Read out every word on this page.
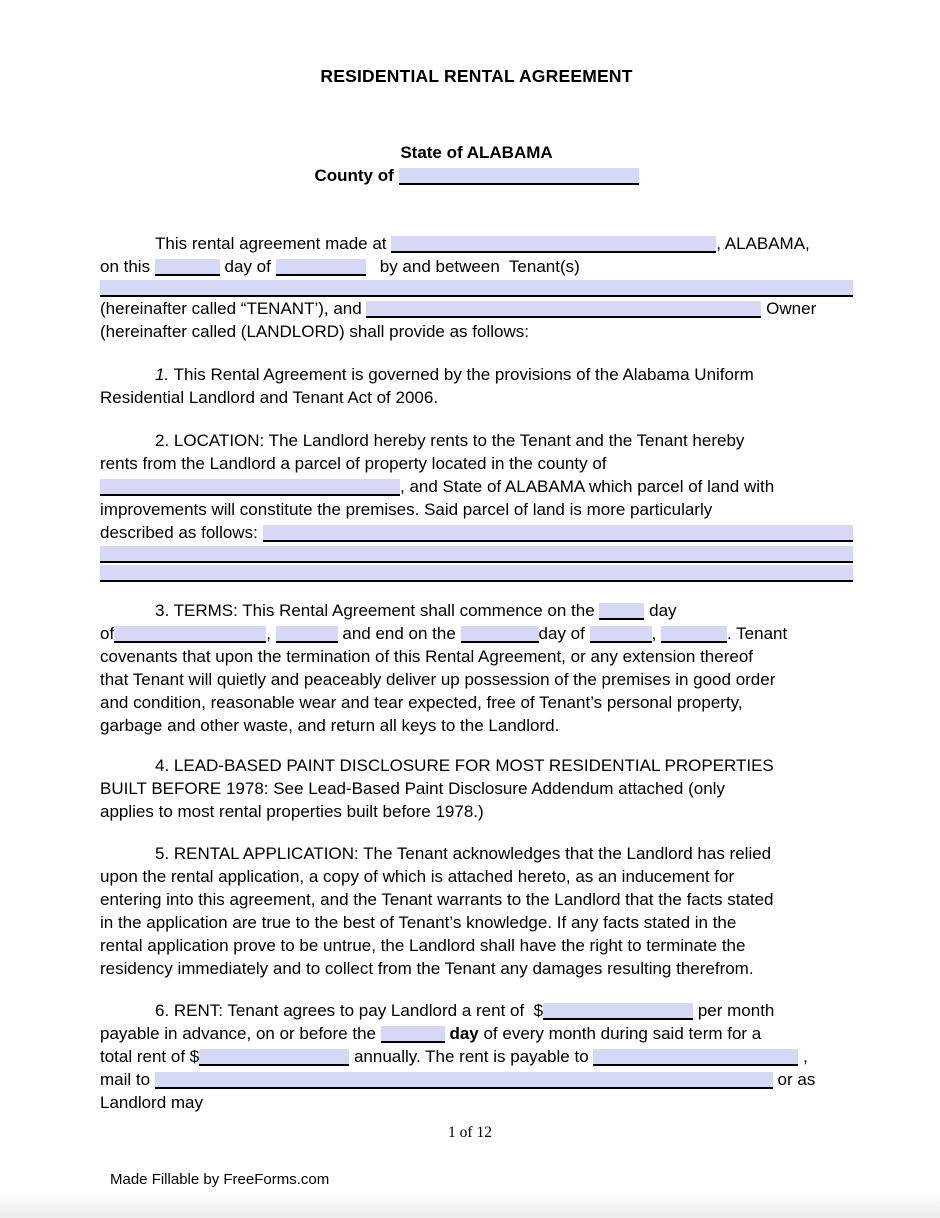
RESIDENTIAL RENTAL AGREEMENT
State of ALABAMA
County of
This rental agreement made at	, ALABAMA,
on this	day of	by and between  Tenant(s)
(hereinafter called “TENANT’), and	Owner
(hereinafter called (LANDLORD) shall provide as follows:
1. This Rental Agreement is governed by the provisions of the Alabama Uniform
Residential Landlord and Tenant Act of 2006.
2. LOCATION: The Landlord hereby rents to the Tenant and the Tenant hereby
rents from the Landlord a parcel of property located in the county of
, and State of ALABAMA which parcel of land with
improvements will constitute the premises. Said parcel of land is more particularly
described as follows:
3. TERMS: This Rental Agreement shall commence on the	day
of	,	and end on the	day of	,	. Tenant
covenants that upon the termination of this Rental Agreement, or any extension thereof
that Tenant will quietly and peaceably deliver up possession of the premises in good order
and condition, reasonable wear and tear expected, free of Tenant’s personal property,
garbage and other waste, and return all keys to the Landlord.
4. LEAD-BASED PAINT DISCLOSURE FOR MOST RESIDENTIAL PROPERTIES
BUILT BEFORE 1978: See Lead-Based Paint Disclosure Addendum attached (only
applies to most rental properties built before 1978.)
5. RENTAL APPLICATION: The Tenant acknowledges that the Landlord has relied
upon the rental application, a copy of which is attached hereto, as an inducement for
entering into this agreement, and the Tenant warrants to the Landlord that the facts stated
in the application are true to the best of Tenant’s knowledge. If any facts stated in the
rental application prove to be untrue, the Landlord shall have the right to terminate the
residency immediately and to collect from the Tenant any damages resulting therefrom.
6. RENT: Tenant agrees to pay Landlord a rent of  $	per month
payable in advance, on or before the	day of every month during said term for a
total rent of $	annually. The rent is payable to	,
mail to	or as
Landlord may
1 of 12
Made Fillable by FreeForms.com
